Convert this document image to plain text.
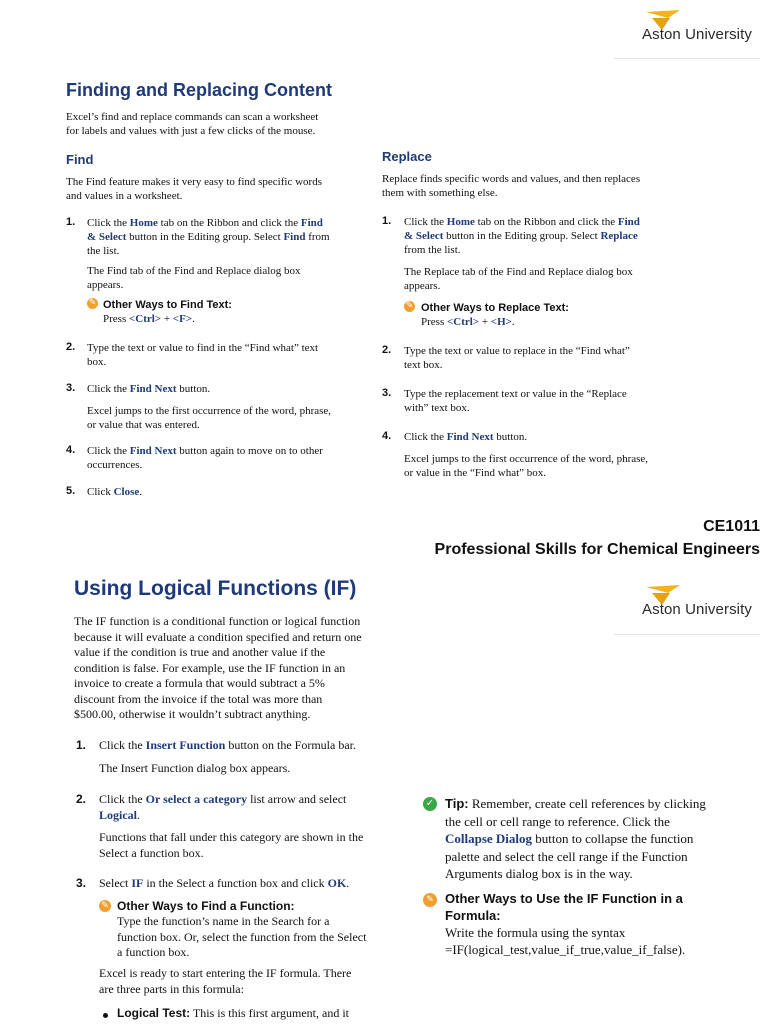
Aston University
Finding and Replacing Content
Excel’s find and replace commands can scan a worksheet
for labels and values with just a few clicks of the mouse.
Find
The Find feature makes it very easy to find specific words
and values in a worksheet.
1. Click the Home tab on the Ribbon and click the Find
& Select button in the Editing group. Select Find from
the list.
The Find tab of the Find and Replace dialog box
appears.
✎ Other Ways to Find Text:
Press <Ctrl> + <F>.
2. Type the text or value to find in the “Find what” text
box.
3. Click the Find Next button.
Excel jumps to the first occurrence of the word, phrase,
or value that was entered.
4. Click the Find Next button again to move on to other
occurrences.
5. Click Close.
Replace
Replace finds specific words and values, and then replaces
them with something else.
1. Click the Home tab on the Ribbon and click the Find
& Select button in the Editing group. Select Replace
from the list.
The Replace tab of the Find and Replace dialog box
appears.
✎ Other Ways to Replace Text:
Press <Ctrl> + <H>.
2. Type the text or value to replace in the “Find what”
text box.
3. Type the replacement text or value in the “Replace
with” text box.
4. Click the Find Next button.
Excel jumps to the first occurrence of the word, phrase,
or value in the “Find what” box.
CE1011
Professional Skills for Chemical Engineers
Using Logical Functions (IF)
Aston University
The IF function is a conditional function or logical function
because it will evaluate a condition specified and return one
value if the condition is true and another value if the
condition is false. For example, use the IF function in an
invoice to create a formula that would subtract a 5%
discount from the invoice if the total was more than
$500.00, otherwise it wouldn’t subtract anything.
1. Click the Insert Function button on the Formula bar.
The Insert Function dialog box appears.
2. Click the Or select a category list arrow and select
Logical.
Functions that fall under this category are shown in the
Select a function box.
3. Select IF in the Select a function box and click OK.
✎ Other Ways to Find a Function:
Type the function’s name in the Search for a
function box. Or, select the function from the Select
a function box.
Excel is ready to start entering the IF formula. There
are three parts in this formula:
Logical Test: This is this first argument, and it
✓ Tip: Remember, create cell references by clicking
the cell or cell range to reference. Click the
Collapse Dialog button to collapse the function
palette and select the cell range if the Function
Arguments dialog box is in the way.
✎ Other Ways to Use the IF Function in a
Formula:
Write the formula using the syntax
=IF(logical_test,value_if_true,value_if_false).
